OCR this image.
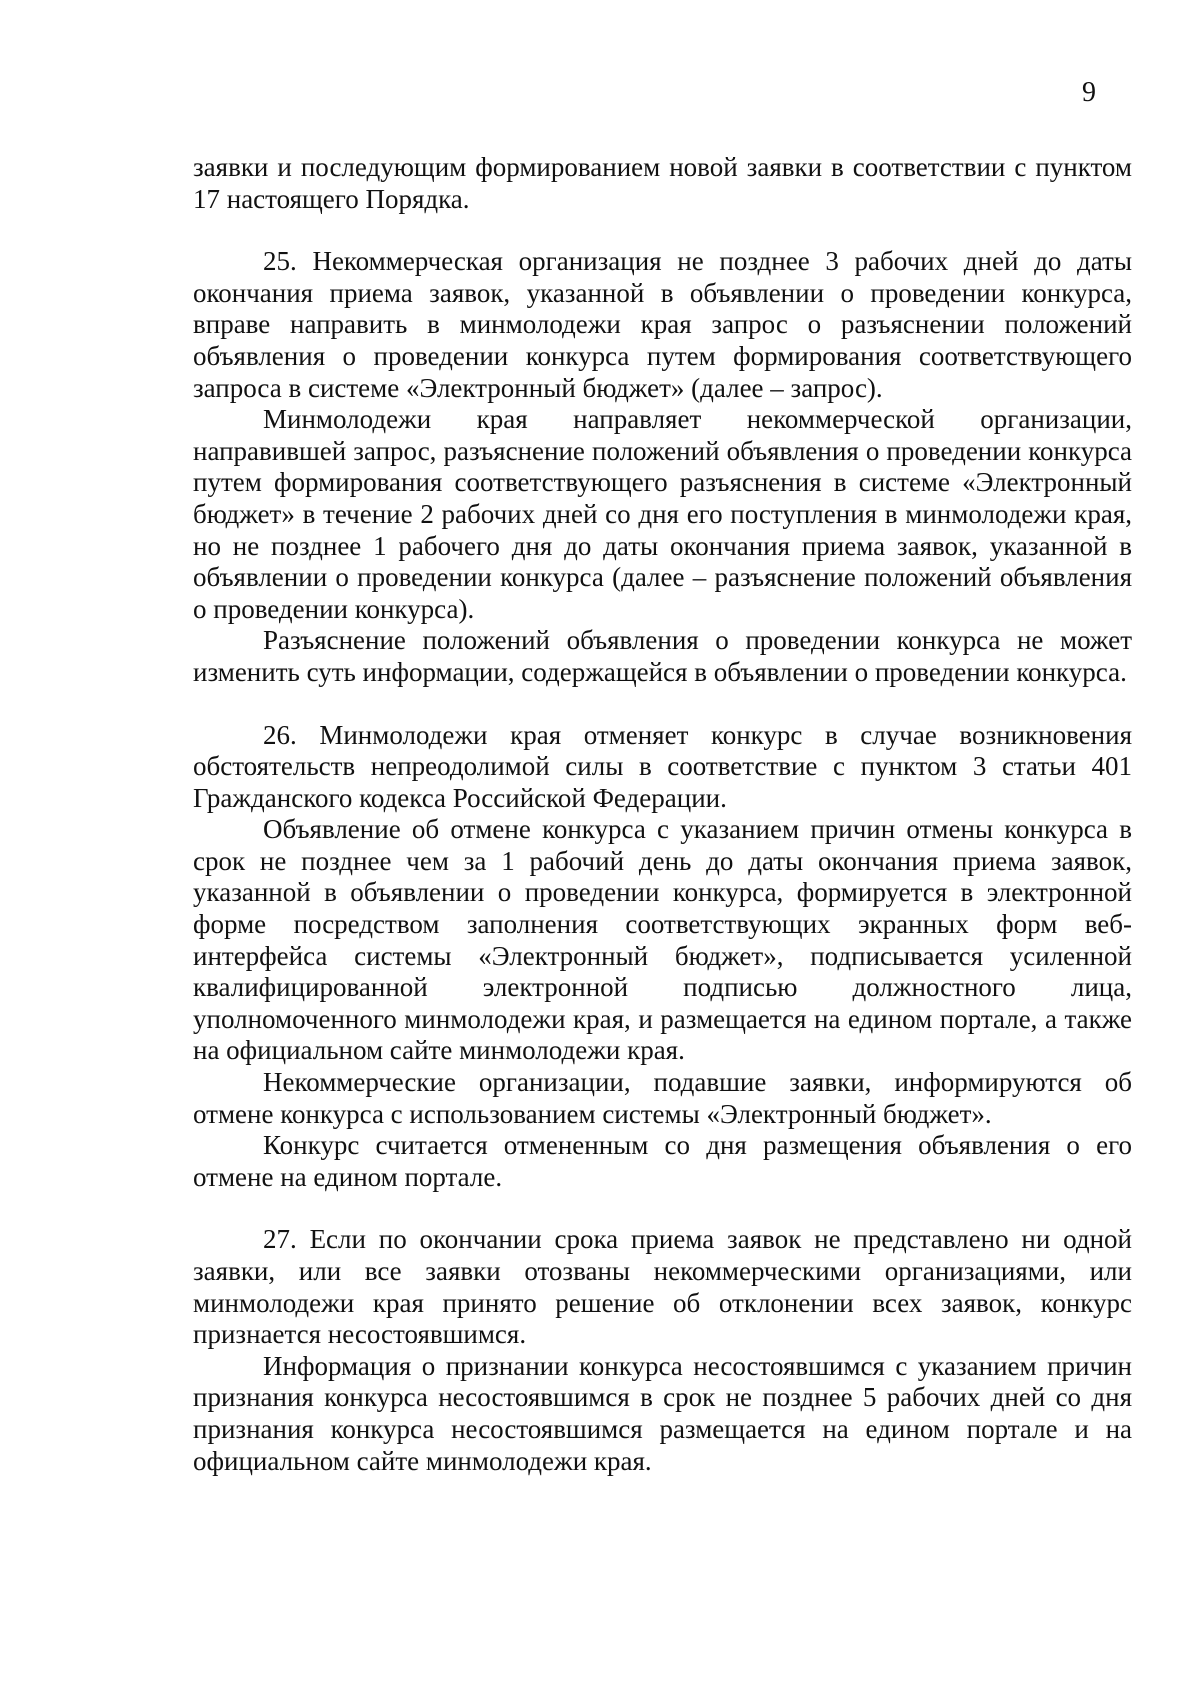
9

заявки и последующим формированием новой заявки в соответствии с пунктом 17 настоящего Порядка.

25. Некоммерческая организация не позднее 3 рабочих дней до даты окончания приема заявок, указанной в объявлении о проведении конкурса, вправе направить в минмолодежи края запрос о разъяснении положений объявления о проведении конкурса путем формирования соответствующего запроса в системе «Электронный бюджет» (далее – запрос).

Минмолодежи края направляет некоммерческой организации, направившей запрос, разъяснение положений объявления о проведении конкурса путем формирования соответствующего разъяснения в системе «Электронный бюджет» в течение 2 рабочих дней со дня его поступления в минмолодежи края, но не позднее 1 рабочего дня до даты окончания приема заявок, указанной в объявлении о проведении конкурса (далее – разъяснение положений объявления о проведении конкурса).

Разъяснение положений объявления о проведении конкурса не может изменить суть информации, содержащейся в объявлении о проведении конкурса.

26. Минмолодежи края отменяет конкурс в случае возникновения обстоятельств непреодолимой силы в соответствие с пунктом 3 статьи 401 Гражданского кодекса Российской Федерации.

Объявление об отмене конкурса с указанием причин отмены конкурса в срок не позднее чем за 1 рабочий день до даты окончания приема заявок, указанной в объявлении о проведении конкурса, формируется в электронной форме посредством заполнения соответствующих экранных форм веб-интерфейса системы «Электронный бюджет», подписывается усиленной квалифицированной электронной подписью должностного лица, уполномоченного минмолодежи края, и размещается на едином портале, а также на официальном сайте минмолодежи края.

Некоммерческие организации, подавшие заявки, информируются об отмене конкурса с использованием системы «Электронный бюджет».

Конкурс считается отмененным со дня размещения объявления о его отмене на едином портале.

27. Если по окончании срока приема заявок не представлено ни одной заявки, или все заявки отозваны некоммерческими организациями, или минмолодежи края принято решение об отклонении всех заявок, конкурс признается несостоявшимся.

Информация о признании конкурса несостоявшимся с указанием причин признания конкурса несостоявшимся в срок не позднее 5 рабочих дней со дня признания конкурса несостоявшимся размещается на едином портале и на официальном сайте минмолодежи края.
